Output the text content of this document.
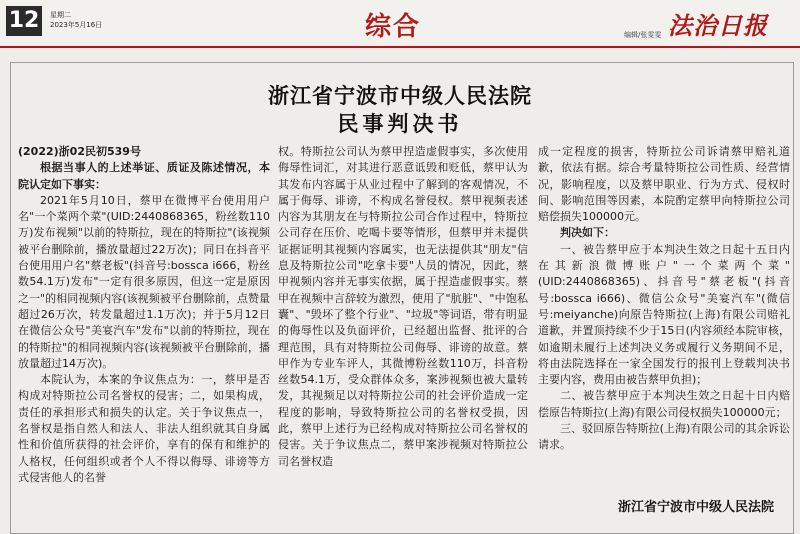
12	星期二
2023年5月16日	综合	编辑/张雯雯 法治日报
浙江省宁波市中级人民法院
民事判决书

(2022)浙02民初539号

根据当事人的上述举证、质证及陈述情况，本院认定如下事实：

2021年5月10日，蔡甲在微博平台使用用户名"一个菜两个菜"(UID:2440868365，粉丝数110万)发布视频"以前的特斯拉，现在的特斯拉"(该视频被平台删除前，播放量超过22万次)；同日在抖音平台使用用户名"蔡老板"(抖音号:bossca i666，粉丝数54.1万)发布"一定有很多原因，但这一定是原因之一"的相同视频内容(该视频被平台删除前，点赞量超过26万次，转发量超过1.1万次)；并于5月12日在微信公众号"美宴汽车"发布"以前的特斯拉，现在的特斯拉"的相同视频内容(该视频被平台删除前，播放量超过14万次)。

本院认为，本案的争议焦点为：一，蔡甲是否构成对特斯拉公司名誉权的侵害；二，如果构成，责任的承担形式和损失的认定。关于争议焦点一，名誉权是指自然人和法人、非法人组织就其自身属性和价值所获得的社会评价，享有的保有和维护的人格权，任何组织或者个人不得以侮辱、诽谤等方式侵害他人的名誉

权。特斯拉公司认为蔡甲捏造虚假事实，多次使用侮辱性词汇，对其进行恶意诋毁和贬低，蔡甲认为其发布内容属于从业过程中了解到的客观情况，不属于侮辱、诽谤，不构成名誉侵权。蔡甲视频表述内容为其朋友在与特斯拉公司合作过程中，特斯拉公司存在压价、吃喝卡要等情形，但蔡甲并未提供证据证明其视频内容属实，也无法提供其"朋友"信息及特斯拉公司"吃拿卡要"人员的情况，因此，蔡甲视频内容并无事实依据，属于捏造虚假事实。蔡甲在视频中言辞较为激烈，使用了"肮脏"、"中饱私囊"、"毁坏了整个行业"、"垃圾"等词语，带有明显的侮辱性以及负面评价，已经超出监督、批评的合理范围，具有对特斯拉公司侮辱、诽谤的故意。蔡甲作为专业车评人，其微博粉丝数110万，抖音粉丝数54.1万，受众群体众多，案涉视频也被大量转发，其视频足以对特斯拉公司的社会评价造成一定程度的影响，导致特斯拉公司的名誉权受损，因此，蔡甲上述行为已经构成对特斯拉公司名誉权的侵害。关于争议焦点二，蔡甲案涉视频对特斯拉公司名誉权造

成一定程度的损害，特斯拉公司诉请蔡甲赔礼道歉，依法有据。综合考量特斯拉公司性质、经营情况，影响程度，以及蔡甲职业、行为方式、侵权时间、影响范围等因素，本院酌定蔡甲向特斯拉公司赔偿损失100000元。

判决如下：

一、被告蔡甲应于本判决生效之日起十五日内在其新浪微博账户"一个菜两个菜"(UID:2440868365)、抖音号"蔡老板"(抖音号:bossca i666)、微信公众号"美宴汽车"(微信号:meiyanche)向原告特斯拉(上海)有限公司赔礼道歉，并置顶持续不少于15日(内容须经本院审核，如逾期未履行上述判决义务或履行义务期间不足，将由法院选择在一家全国发行的报刊上登载判决书主要内容，费用由被告蔡甲负担)；

二、被告蔡甲应于本判决生效之日起十日内赔偿原告特斯拉(上海)有限公司侵权损失100000元；

三、驳回原告特斯拉(上海)有限公司的其余诉讼请求。

浙江省宁波市中级人民法院
